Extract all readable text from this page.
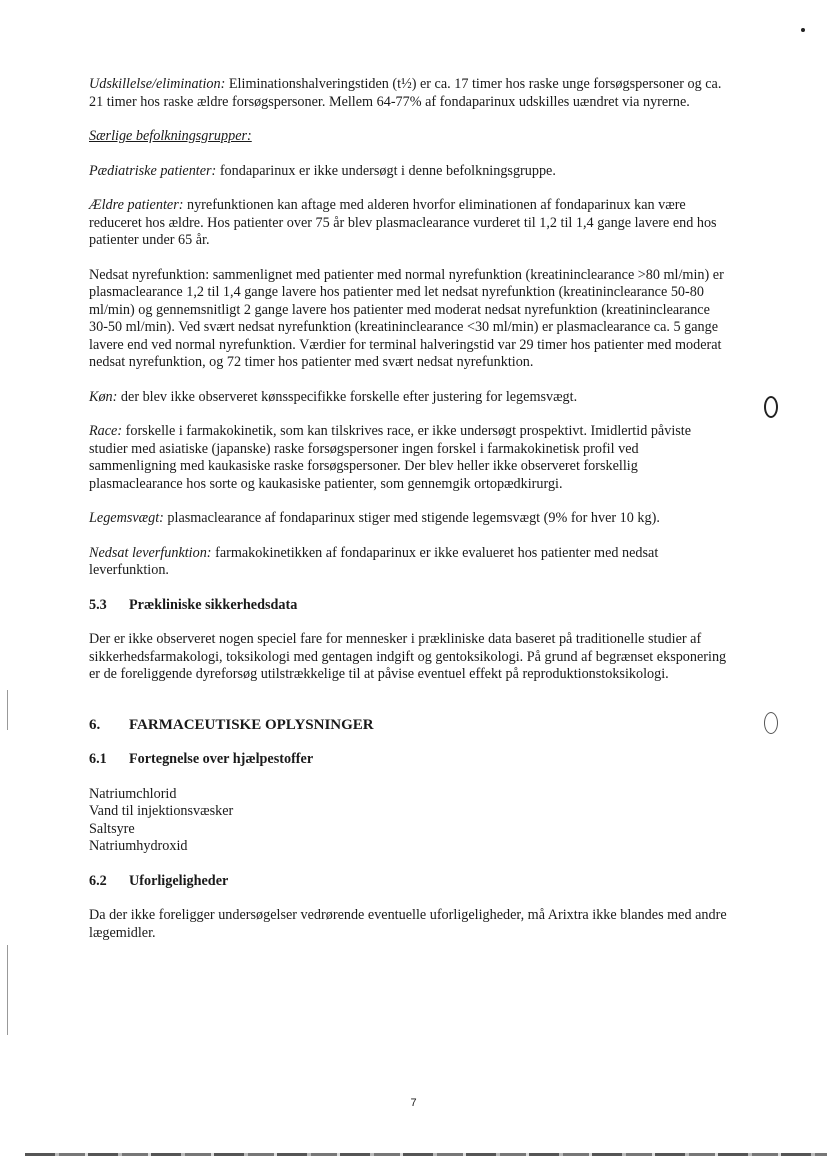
Udskillelse/elimination: Eliminationshalveringstiden (t½) er ca. 17 timer hos raske unge forsøgspersoner og ca. 21 timer hos raske ældre forsøgspersoner. Mellem 64-77% af fondaparinux udskilles uændret via nyrerne.

Særlige befolkningsgrupper:

Pædiatriske patienter: fondaparinux er ikke undersøgt i denne befolkningsgruppe.

Ældre patienter: nyrefunktionen kan aftage med alderen hvorfor eliminationen af fondaparinux kan være reduceret hos ældre. Hos patienter over 75 år blev plasmaclearance vurderet til 1,2 til 1,4 gange lavere end hos patienter under 65 år.

Nedsat nyrefunktion: sammenlignet med patienter med normal nyrefunktion (kreatininclearance >80 ml/min) er plasmaclearance 1,2 til 1,4 gange lavere hos patienter med let nedsat nyrefunktion (kreatininclearance 50-80 ml/min) og gennemsnitligt 2 gange lavere hos patienter med moderat nedsat nyrefunktion (kreatininclearance 30-50 ml/min). Ved svært nedsat nyrefunktion (kreatininclearance <30 ml/min) er plasmaclearance ca. 5 gange lavere end ved normal nyrefunktion. Værdier for terminal halveringstid var 29 timer hos patienter med moderat nedsat nyrefunktion, og 72 timer hos patienter med svært nedsat nyrefunktion.

Køn: der blev ikke observeret kønsspecifikke forskelle efter justering for legemsvægt.

Race: forskelle i farmakokinetik, som kan tilskrives race, er ikke undersøgt prospektivt. Imidlertid påviste studier med asiatiske (japanske) raske forsøgspersoner ingen forskel i farmakokinetisk profil ved sammenligning med kaukasiske raske forsøgspersoner. Der blev heller ikke observeret forskellig plasmaclearance hos sorte og kaukasiske patienter, som gennemgik ortopædkirurgi.

Legemsvægt: plasmaclearance af fondaparinux stiger med stigende legemsvægt (9% for hver 10 kg).

Nedsat leverfunktion: farmakokinetikken af fondaparinux er ikke evalueret hos patienter med nedsat leverfunktion.

5.3 Prækliniske sikkerhedsdata

Der er ikke observeret nogen speciel fare for mennesker i prækliniske data baseret på traditionelle studier af sikkerhedsfarmakologi, toksikologi med gentagen indgift og gentoksikologi. På grund af begrænset eksponering er de foreliggende dyreforsøg utilstrækkelige til at påvise eventuel effekt på reproduktionstoksikologi.

6. FARMACEUTISKE OPLYSNINGER

6.1 Fortegnelse over hjælpestoffer

Natriumchlorid
Vand til injektionsvæsker
Saltsyre
Natriumhydroxid

6.2 Uforligeligheder

Da der ikke foreligger undersøgelser vedrørende eventuelle uforligeligheder, må Arixtra ikke blandes med andre lægemidler.

7
